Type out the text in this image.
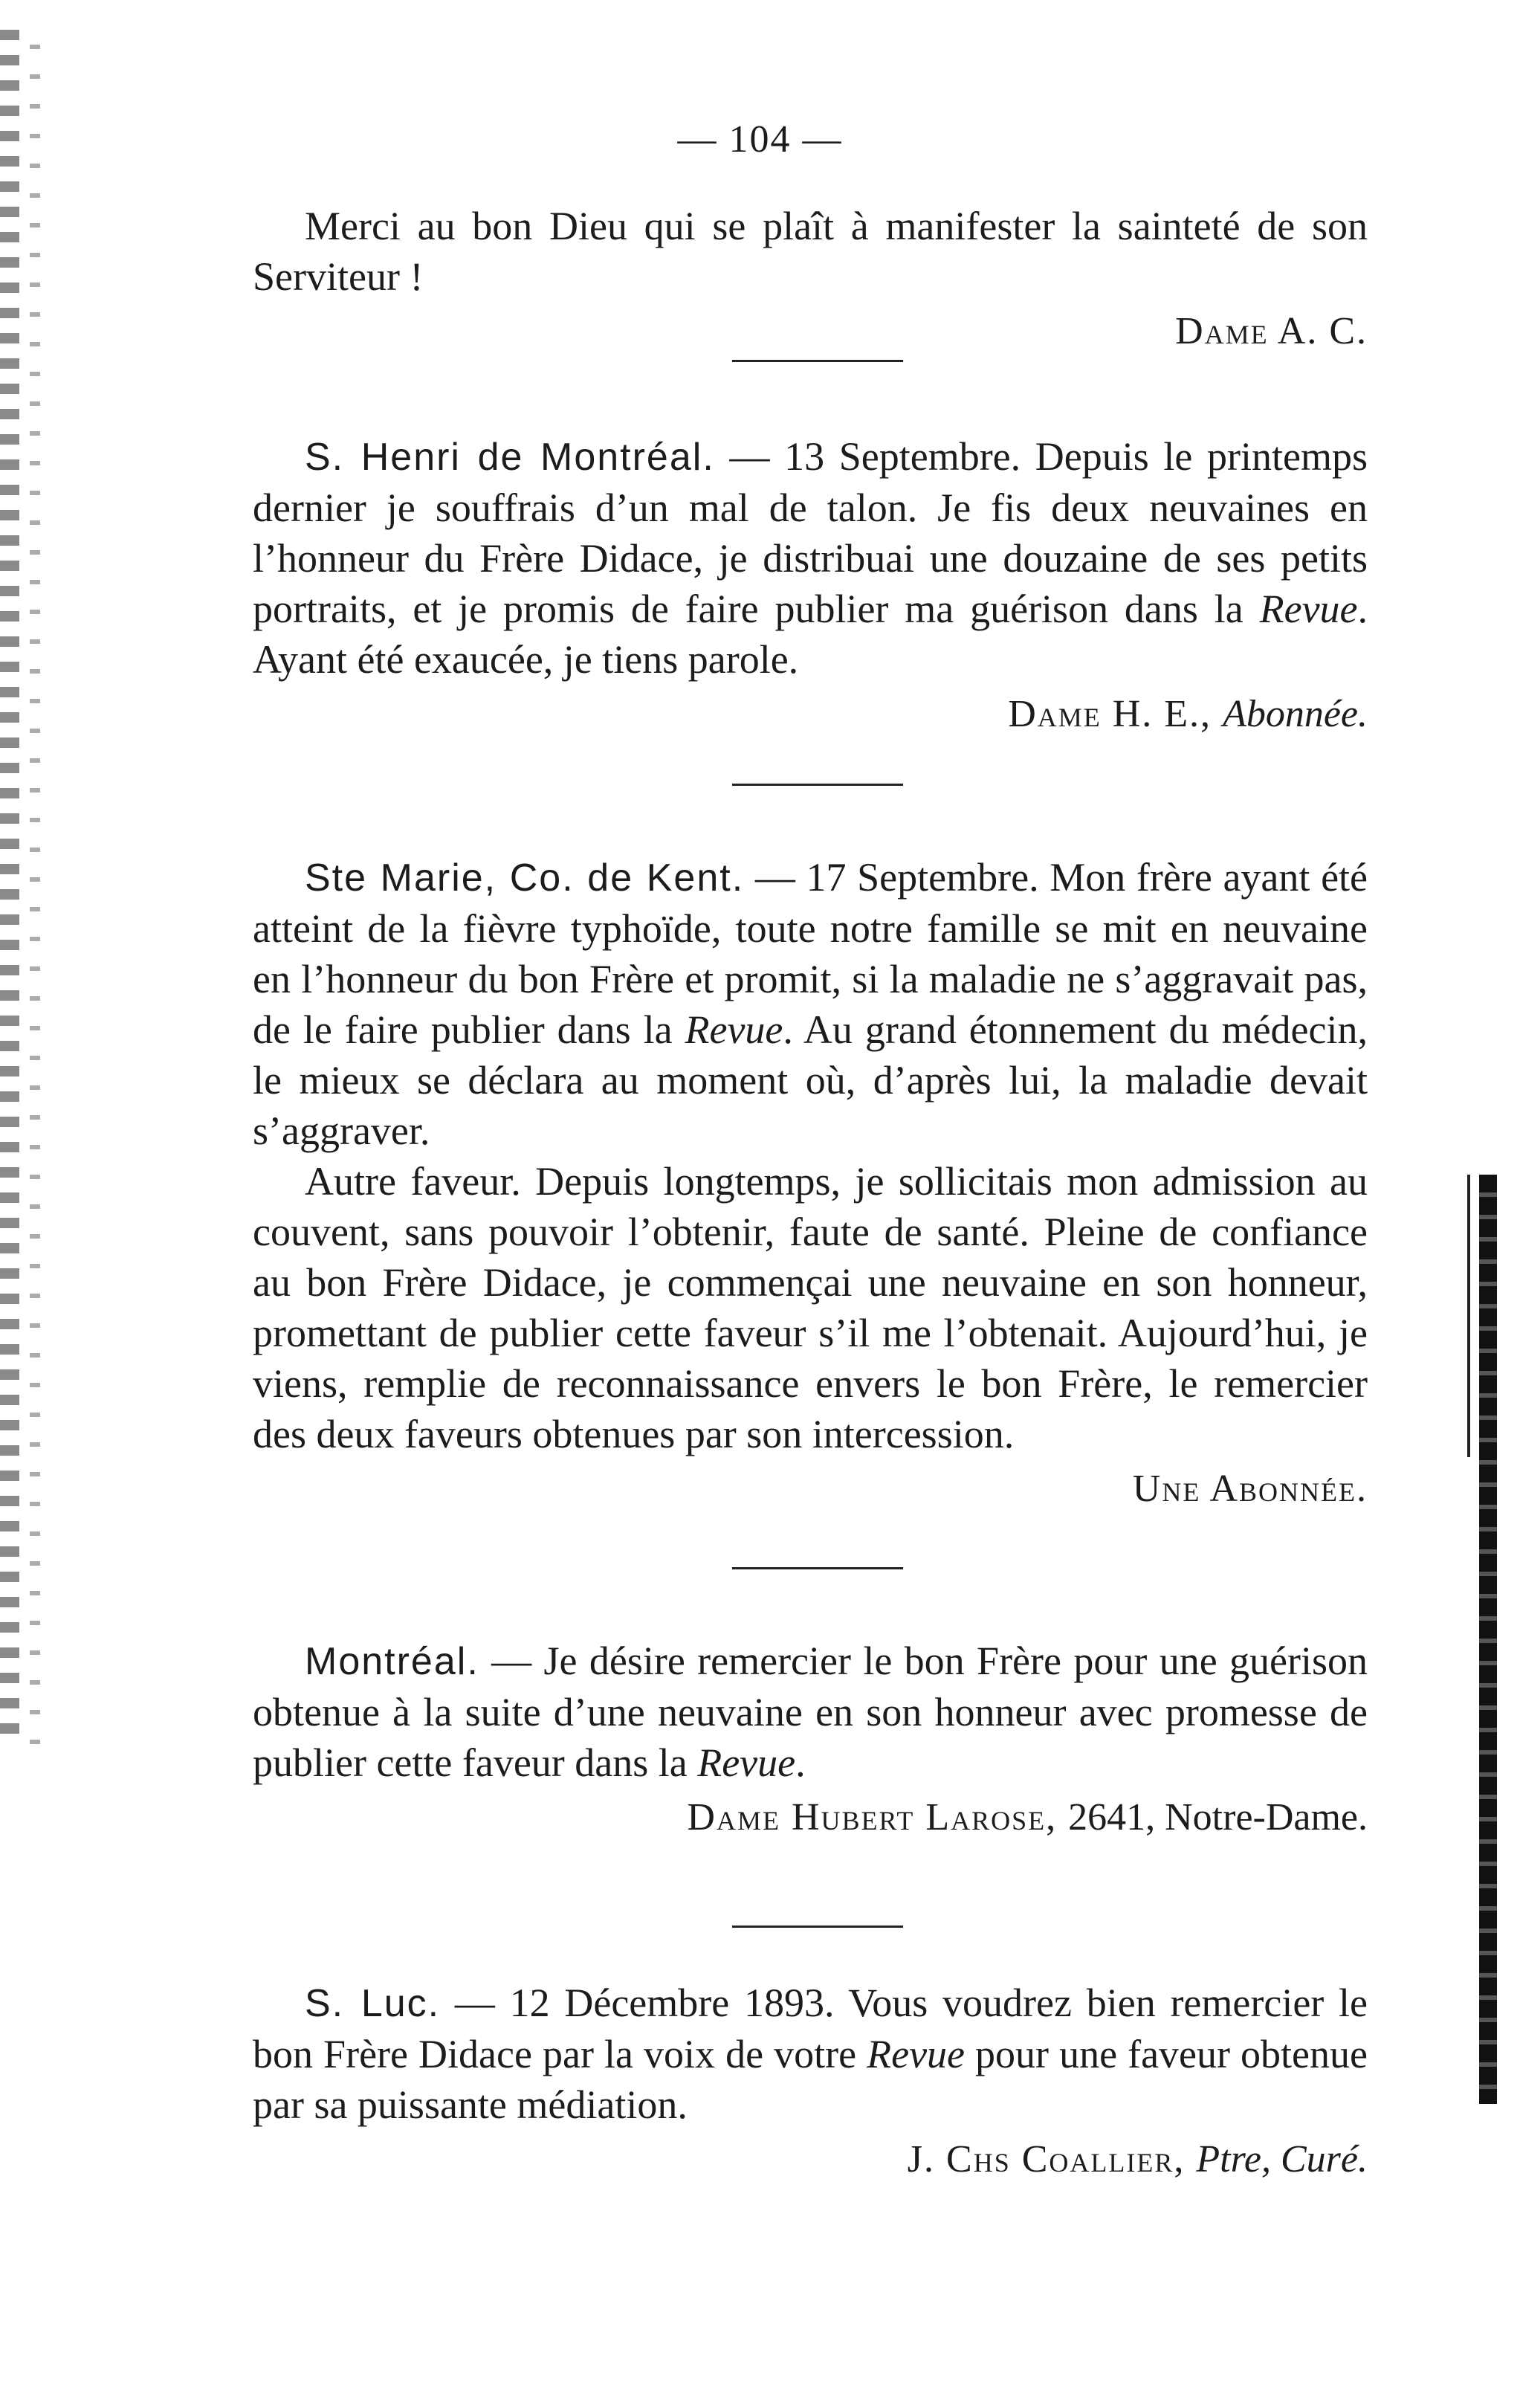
— 104 —

Merci au bon Dieu qui se plaît à manifester la sainteté de son Serviteur !

Dame A. C.

S. Henri de Montréal. — 13 Septembre. Depuis le printemps dernier je souffrais d’un mal de talon. Je fis deux neuvaines en l’honneur du Frère Didace, je distribuai une douzaine de ses petits portraits, et je promis de faire publier ma guérison dans la Revue. Ayant été exaucée, je tiens parole.

Dame H. E., Abonnée.

Ste Marie, Co. de Kent. — 17 Septembre. Mon frère ayant été atteint de la fièvre typhoïde, toute notre famille se mit en neuvaine en l’honneur du bon Frère et promit, si la maladie ne s’aggravait pas, de le faire publier dans la Revue. Au grand étonnement du médecin, le mieux se déclara au moment où, d’après lui, la maladie devait s’aggraver.

Autre faveur. Depuis longtemps, je sollicitais mon admission au couvent, sans pouvoir l’obtenir, faute de santé. Pleine de confiance au bon Frère Didace, je commençai une neuvaine en son honneur, promettant de publier cette faveur s’il me l’obtenait. Aujourd’hui, je viens, remplie de reconnaissance envers le bon Frère, le remercier des deux faveurs obtenues par son intercession.

Une Abonnée.

Montréal. — Je désire remercier le bon Frère pour une guérison obtenue à la suite d’une neuvaine en son honneur avec promesse de publier cette faveur dans la Revue.

Dame Hubert Larose, 2641, Notre-Dame.

S. Luc. — 12 Décembre 1893. Vous voudrez bien remercier le bon Frère Didace par la voix de votre Revue pour une faveur obtenue par sa puissante médiation.

J. Chs Coallier, Ptre, Curé.
